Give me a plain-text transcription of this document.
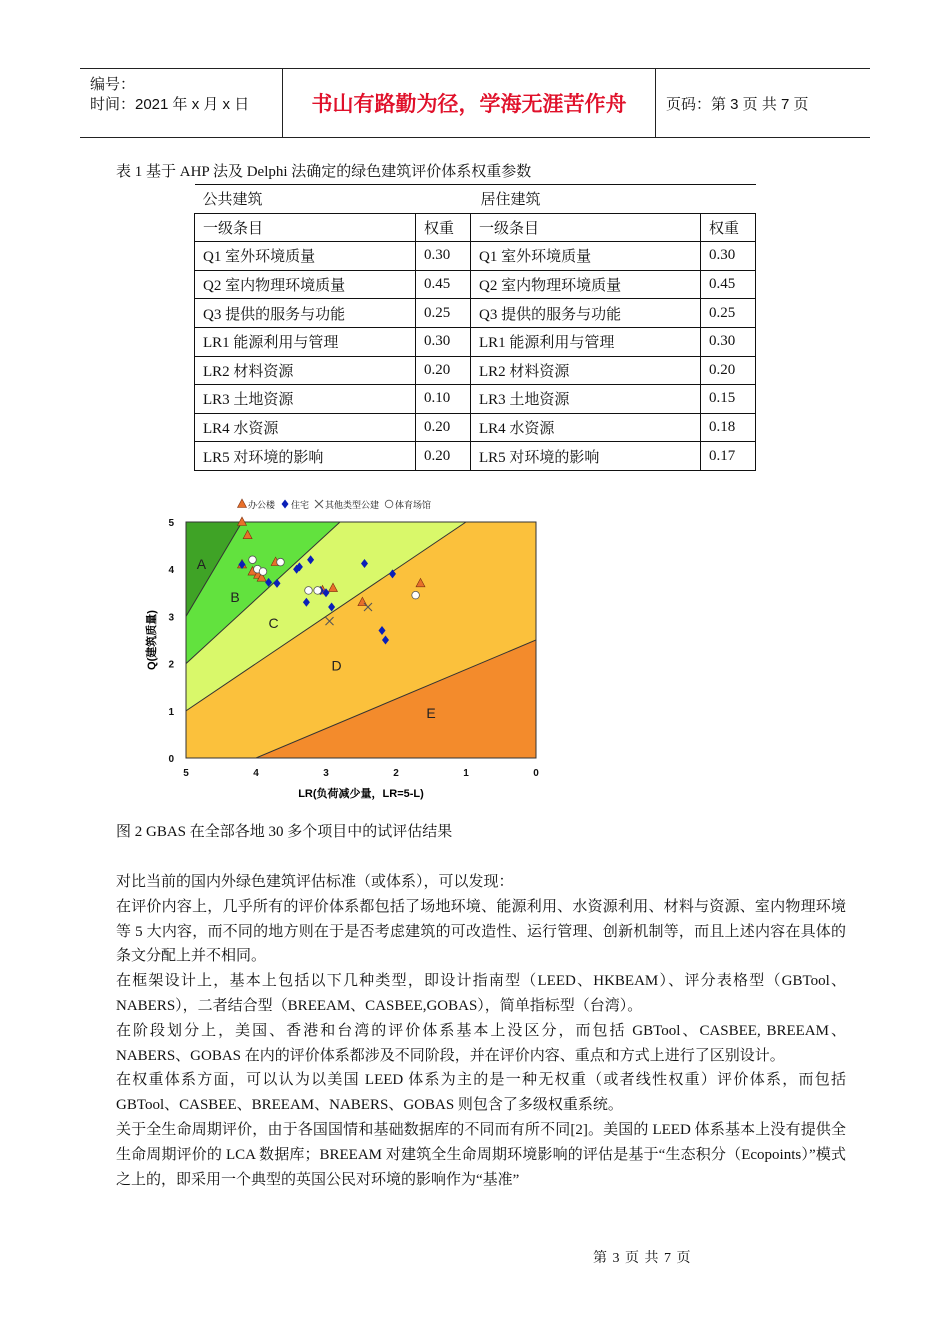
编号：
时间：2021 年 x 月 x 日	书山有路勤为径，学海无涯苦作舟	页码：第 3 页 共 7 页
表 1 基于 AHP 法及 Delphi 法确定的绿色建筑评价体系权重参数
公共建筑		居住建筑	
一级条目	权重	一级条目	权重
Q1 室外环境质量	0.30	Q1 室外环境质量	0.30
Q2 室内物理环境质量	0.45	Q2 室内物理环境质量	0.45
Q3 提供的服务与功能	0.25	Q3 提供的服务与功能	0.25
LR1 能源利用与管理	0.30	LR1 能源利用与管理	0.30
LR2 材料资源	0.20	LR2 材料资源	0.20
LR3 土地资源	0.10	LR3 土地资源	0.15
LR4 水资源	0.20	LR4 水资源	0.18
LR5 对环境的影响	0.20	LR5 对环境的影响	0.17
A
B
C
D
E
5	4	3	2	1	0
0
1
2
3
4
5
办公楼 住宅 其他类型公建 体育场馆
LR(负荷减少量，LR=5-L)
Q(建筑质量)
图 2 GBAS 在全部各地 30 多个项目中的试评估结果

对比当前的国内外绿色建筑评估标准（或体系），可以发现：

在评价内容上，几乎所有的评价体系都包括了场地环境、能源利用、水资源利用、材料与资源、室内物理环境等 5 大内容，而不同的地方则在于是否考虑建筑的可改造性、运行管理、创新机制等，而且上述内容在具体的条文分配上并不相同。

在框架设计上，基本上包括以下几种类型，即设计指南型（LEED、HKBEAM）、评分表格型（GBTool、NABERS），二者结合型（BREEAM、CASBEE,GOBAS），简单指标型（台湾）。

在阶段划分上，美国、香港和台湾的评价体系基本上没区分，而包括 GBTool、CASBEE, BREEAM、 NABERS、GOBAS 在内的评价体系都涉及不同阶段，并在评价内容、重点和方式上进行了区别设计。

在权重体系方面，可以认为以美国 LEED 体系为主的是一种无权重（或者线性权重）评价体系，而包括 GBTool、CASBEE、BREEAM、NABERS、GOBAS 则包含了多级权重系统。

关于全生命周期评价，由于各国国情和基础数据库的不同而有所不同[2]。美国的 LEED 体系基本上没有提供全生命周期评价的 LCA 数据库；BREEAM 对建筑全生命周期环境影响的评估是基于“生态积分（Ecopoints）”模式之上的，即采用一个典型的英国公民对环境的影响作为“基准”

第 3 页 共 7 页
